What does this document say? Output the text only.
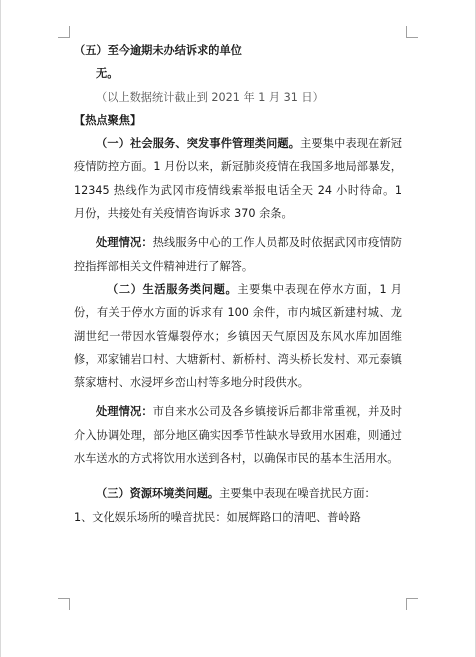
（五）至今逾期未办结诉求的单位

无。

（以上数据统计截止到 2021 年 1 月 31 日）

【热点聚焦】

（一）社会服务、突发事件管理类问题。主要集中表现在新冠疫情防控方面。1 月份以来，新冠肺炎疫情在我国多地局部暴发，12345 热线作为武冈市疫情线索举报电话全天 24 小时待命。1 月份，共接处有关疫情咨询诉求 370 余条。

处理情况：热线服务中心的工作人员都及时依据武冈市疫情防控指挥部相关文件精神进行了解答。

（二）生活服务类问题。主要集中表现在停水方面，1 月份，有关于停水方面的诉求有 100 余件，市内城区新建村城、龙湖世纪一带因水管爆裂停水；乡镇因天气原因及东风水库加固维修，邓家铺岩口村、大塘新村、新桥村、湾头桥长发村、邓元泰镇蔡家塘村、水浸坪乡峦山村等多地分时段供水。

处理情况：市自来水公司及各乡镇接诉后都非常重视，并及时介入协调处理，部分地区确实因季节性缺水导致用水困难，则通过水车送水的方式将饮用水送到各村，以确保市民的基本生活用水。

（三）资源环境类问题。主要集中表现在噪音扰民方面：

1、文化娱乐场所的噪音扰民：如展辉路口的清吧、普岭路
